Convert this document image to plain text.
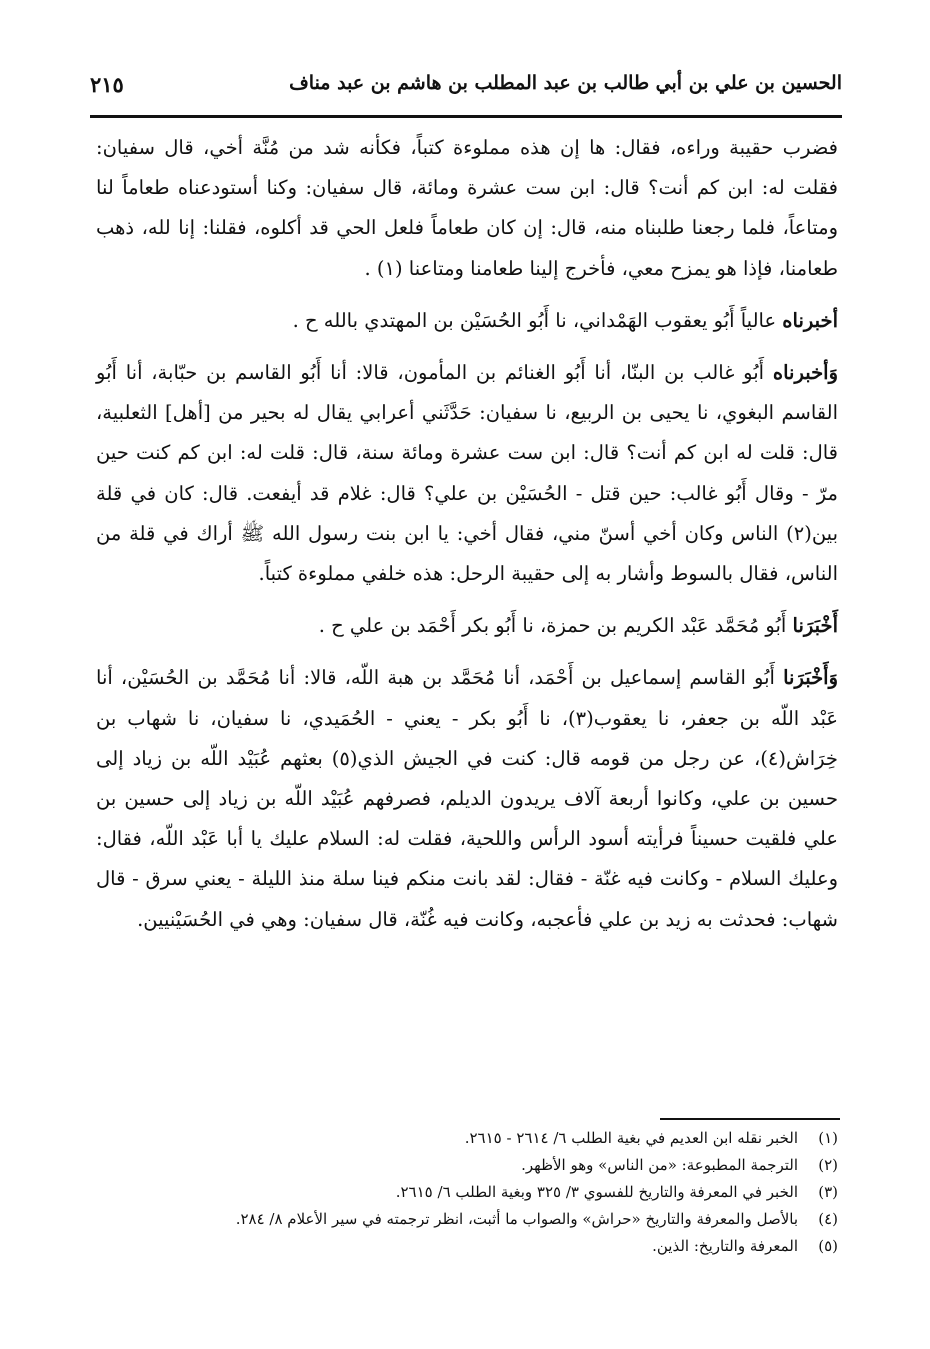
الحسين بن علي بن أبي طالب بن عبد المطلب بن هاشم بن عبد مناف
٢١٥

فضرب حقيبة وراءه، فقال: ها إن هذه مملوءة كتباً، فكأنه شد من مُنَّة أخي، قال سفيان: فقلت له: ابن كم أنت؟ قال: ابن ست عشرة ومائة، قال سفيان: وكنا أستودعناه طعاماً لنا ومتاعاً، فلما رجعنا طلبناه منه، قال: إن كان طعاماً فلعل الحي قد أكلوه، فقلنا: إنا لله، ذهب طعامنا، فإذا هو يمزح معي، فأخرج إلينا طعامنا ومتاعنا (١) .

أخبرناه عالياً أَبُو يعقوب الهَمْداني، نا أَبُو الحُسَيْن بن المهتدي بالله ح .

وَأخبرناه أَبُو غالب بن البنّا، أنا أَبُو الغنائم بن المأمون، قالا: أنا أَبُو القاسم بن حبّابة، أنا أَبُو القاسم البغوي، نا يحيى بن الربيع، نا سفيان: حَدَّثَني أعرابي يقال له بحير من [أهل] الثعلبية، قال: قلت له ابن كم أنت؟ قال: ابن ست عشرة ومائة سنة، قال: قلت له: ابن كم كنت حين مرّ - وقال أَبُو غالب: حين قتل - الحُسَيْن بن علي؟ قال: غلام قد أيفعت. قال: كان في قلة بين(٢) الناس وكان أخي أسنّ مني، فقال أخي: يا ابن بنت رسول الله ﷺ أراك في قلة من الناس، فقال بالسوط وأشار به إلى حقيبة الرحل: هذه خلفي مملوءة كتباً.

أَخْبَرَنا أَبُو مُحَمَّد عَبْد الكريم بن حمزة، نا أَبُو بكر أَحْمَد بن علي ح .

وَأَخْبَرَنا أَبُو القاسم إسماعيل بن أَحْمَد، أنا مُحَمَّد بن هبة اللّه، قالا: أنا مُحَمَّد بن الحُسَيْن، أنا عَبْد اللّه بن جعفر، نا يعقوب(٣)، نا أَبُو بكر - يعني - الحُمَيدي، نا سفيان، نا شهاب بن خِرَاش(٤)، عن رجل من قومه قال: كنت في الجيش الذي(٥) بعثهم عُبَيْد اللّه بن زياد إلى حسين بن علي، وكانوا أربعة آلاف يريدون الديلم، فصرفهم عُبَيْد اللّه بن زياد إلى حسين بن علي فلقيت حسيناً فرأيته أسود الرأس واللحية، فقلت له: السلام عليك يا أبا عَبْد اللّه، فقال: وعليك السلام - وكانت فيه غنّة - فقال: لقد بانت منكم فينا سلة منذ الليلة - يعني سرق - قال شهاب: فحدثت به زيد بن علي فأعجبه، وكانت فيه غُنّة، قال سفيان: وهي في الحُسَيْنيين.

(١)
الخبر نقله ابن العديم في بغية الطلب ٦/ ٢٦١٤ - ٢٦١٥.
(٢)
الترجمة المطبوعة: «من الناس» وهو الأظهر.
(٣)
الخبر في المعرفة والتاريخ للفسوي ٣/ ٣٢٥ وبغية الطلب ٦/ ٢٦١٥.
(٤)
بالأصل والمعرفة والتاريخ «حراش» والصواب ما أثبت، انظر ترجمته في سير الأعلام ٨/ ٢٨٤.
(٥)
المعرفة والتاريخ: الذين.
